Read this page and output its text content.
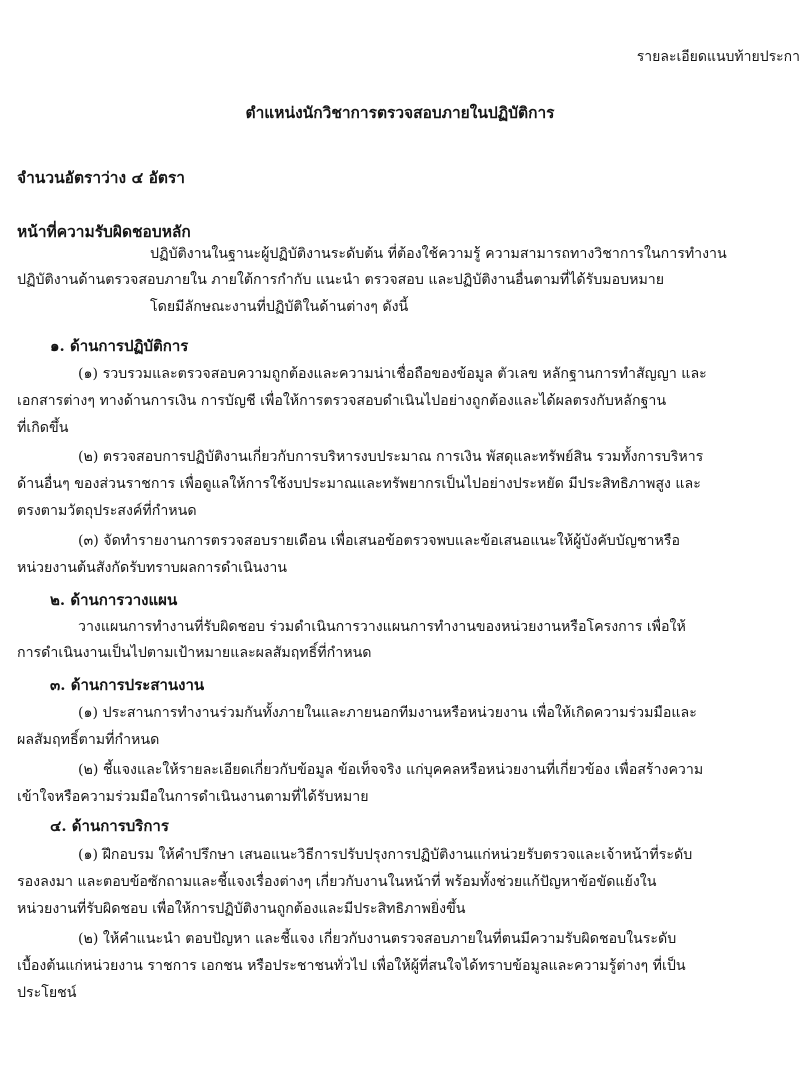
รายละเอียดแนบท้ายประกา
ตำแหน่งนักวิชาการตรวจสอบภายในปฏิบัติการ

จำนวนอัตราว่าง ๔ อัตรา

หน้าที่ความรับผิดชอบหลัก

ปฏิบัติงานในฐานะผู้ปฏิบัติงานระดับต้น ที่ต้องใช้ความรู้ ความสามารถทางวิชาการในการทำงาน
ปฏิบัติงานด้านตรวจสอบภายใน ภายใต้การกำกับ แนะนำ ตรวจสอบ และปฏิบัติงานอื่นตามที่ได้รับมอบหมาย
โดยมีลักษณะงานที่ปฏิบัติในด้านต่างๆ ดังนี้
๑. ด้านการปฏิบัติการ
(๑) รวบรวมและตรวจสอบความถูกต้องและความน่าเชื่อถือของข้อมูล ตัวเลข หลักฐานการทำสัญญา และ
เอกสารต่างๆ ทางด้านการเงิน การบัญชี เพื่อให้การตรวจสอบดำเนินไปอย่างถูกต้องและได้ผลตรงกับหลักฐาน
ที่เกิดขึ้น
(๒) ตรวจสอบการปฏิบัติงานเกี่ยวกับการบริหารงบประมาณ การเงิน พัสดุและทรัพย์สิน รวมทั้งการบริหาร
ด้านอื่นๆ ของส่วนราชการ เพื่อดูแลให้การใช้งบประมาณและทรัพยากรเป็นไปอย่างประหยัด มีประสิทธิภาพสูง และ
ตรงตามวัตถุประสงค์ที่กำหนด
(๓) จัดทำรายงานการตรวจสอบรายเดือน เพื่อเสนอข้อตรวจพบและข้อเสนอแนะให้ผู้บังคับบัญชาหรือ
หน่วยงานต้นสังกัดรับทราบผลการดำเนินงาน
๒. ด้านการวางแผน
วางแผนการทำงานที่รับผิดชอบ ร่วมดำเนินการวางแผนการทำงานของหน่วยงานหรือโครงการ เพื่อให้
การดำเนินงานเป็นไปตามเป้าหมายและผลสัมฤทธิ์ที่กำหนด
๓. ด้านการประสานงาน
(๑) ประสานการทำงานร่วมกันทั้งภายในและภายนอกทีมงานหรือหน่วยงาน เพื่อให้เกิดความร่วมมือและ
ผลสัมฤทธิ์ตามที่กำหนด
(๒) ชี้แจงและให้รายละเอียดเกี่ยวกับข้อมูล ข้อเท็จจริง แก่บุคคลหรือหน่วยงานที่เกี่ยวข้อง เพื่อสร้างความ
เข้าใจหรือความร่วมมือในการดำเนินงานตามที่ได้รับหมาย
๔. ด้านการบริการ
(๑) ฝึกอบรม ให้คำปรึกษา เสนอแนะวิธีการปรับปรุงการปฏิบัติงานแก่หน่วยรับตรวจและเจ้าหน้าที่ระดับ
รองลงมา และตอบข้อซักถามและชี้แจงเรื่องต่างๆ เกี่ยวกับงานในหน้าที่ พร้อมทั้งช่วยแก้ปัญหาข้อขัดแย้งใน
หน่วยงานที่รับผิดชอบ เพื่อให้การปฏิบัติงานถูกต้องและมีประสิทธิภาพยิ่งขึ้น
(๒) ให้คำแนะนำ ตอบปัญหา และชี้แจง เกี่ยวกับงานตรวจสอบภายในที่ตนมีความรับผิดชอบในระดับ
เบื้องต้นแก่หน่วยงาน ราชการ เอกชน หรือประชาชนทั่วไป เพื่อให้ผู้ที่สนใจได้ทราบข้อมูลและความรู้ต่างๆ ที่เป็น
ประโยชน์
